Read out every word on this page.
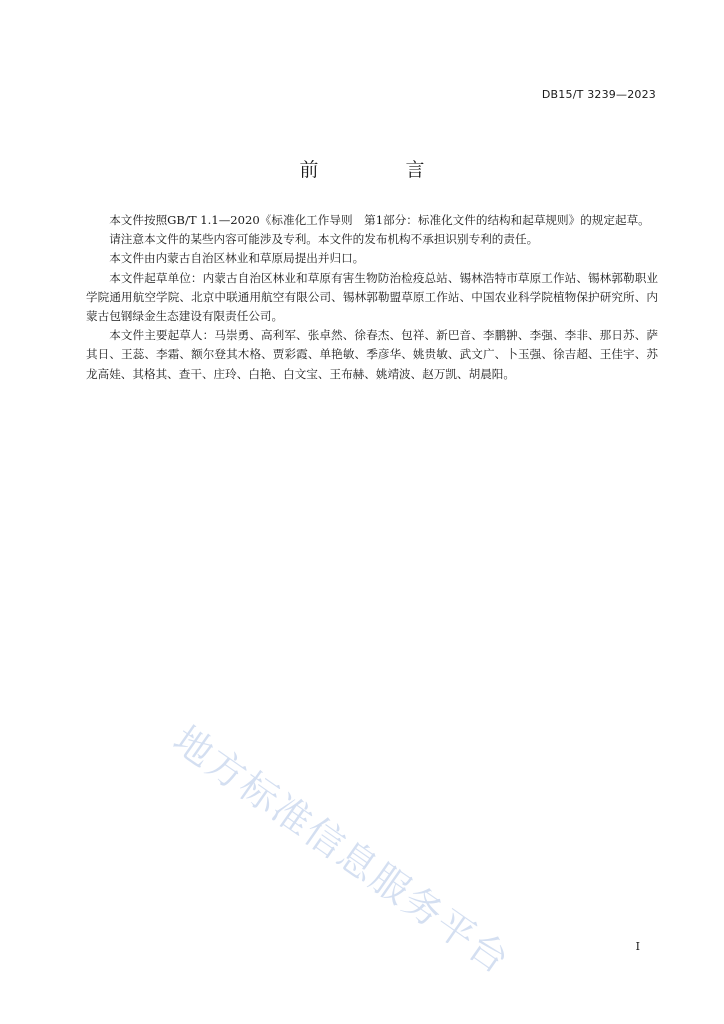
DB15/T 3239—2023
前　言

本文件按照GB/T 1.1—2020《标准化工作导则　第1部分：标准化文件的结构和起草规则》的规定起草。

请注意本文件的某些内容可能涉及专利。本文件的发布机构不承担识别专利的责任。

本文件由内蒙古自治区林业和草原局提出并归口。

本文件起草单位：内蒙古自治区林业和草原有害生物防治检疫总站、锡林浩特市草原工作站、锡林郭勒职业学院通用航空学院、北京中联通用航空有限公司、锡林郭勒盟草原工作站、中国农业科学院植物保护研究所、内蒙古包钢绿金生态建设有限责任公司。

本文件主要起草人：马崇勇、高利军、张卓然、徐春杰、包祥、新巴音、李鹏翀、李强、李非、那日苏、萨其日、王蕊、李霜、额尔登其木格、贾彩霞、单艳敏、季彦华、姚贵敏、武文广、卜玉强、徐吉超、王佳宇、苏龙高娃、其格其、查干、庄玲、白艳、白文宝、王布赫、姚靖波、赵万凯、胡晨阳。

地方标准信息服务平台	I
